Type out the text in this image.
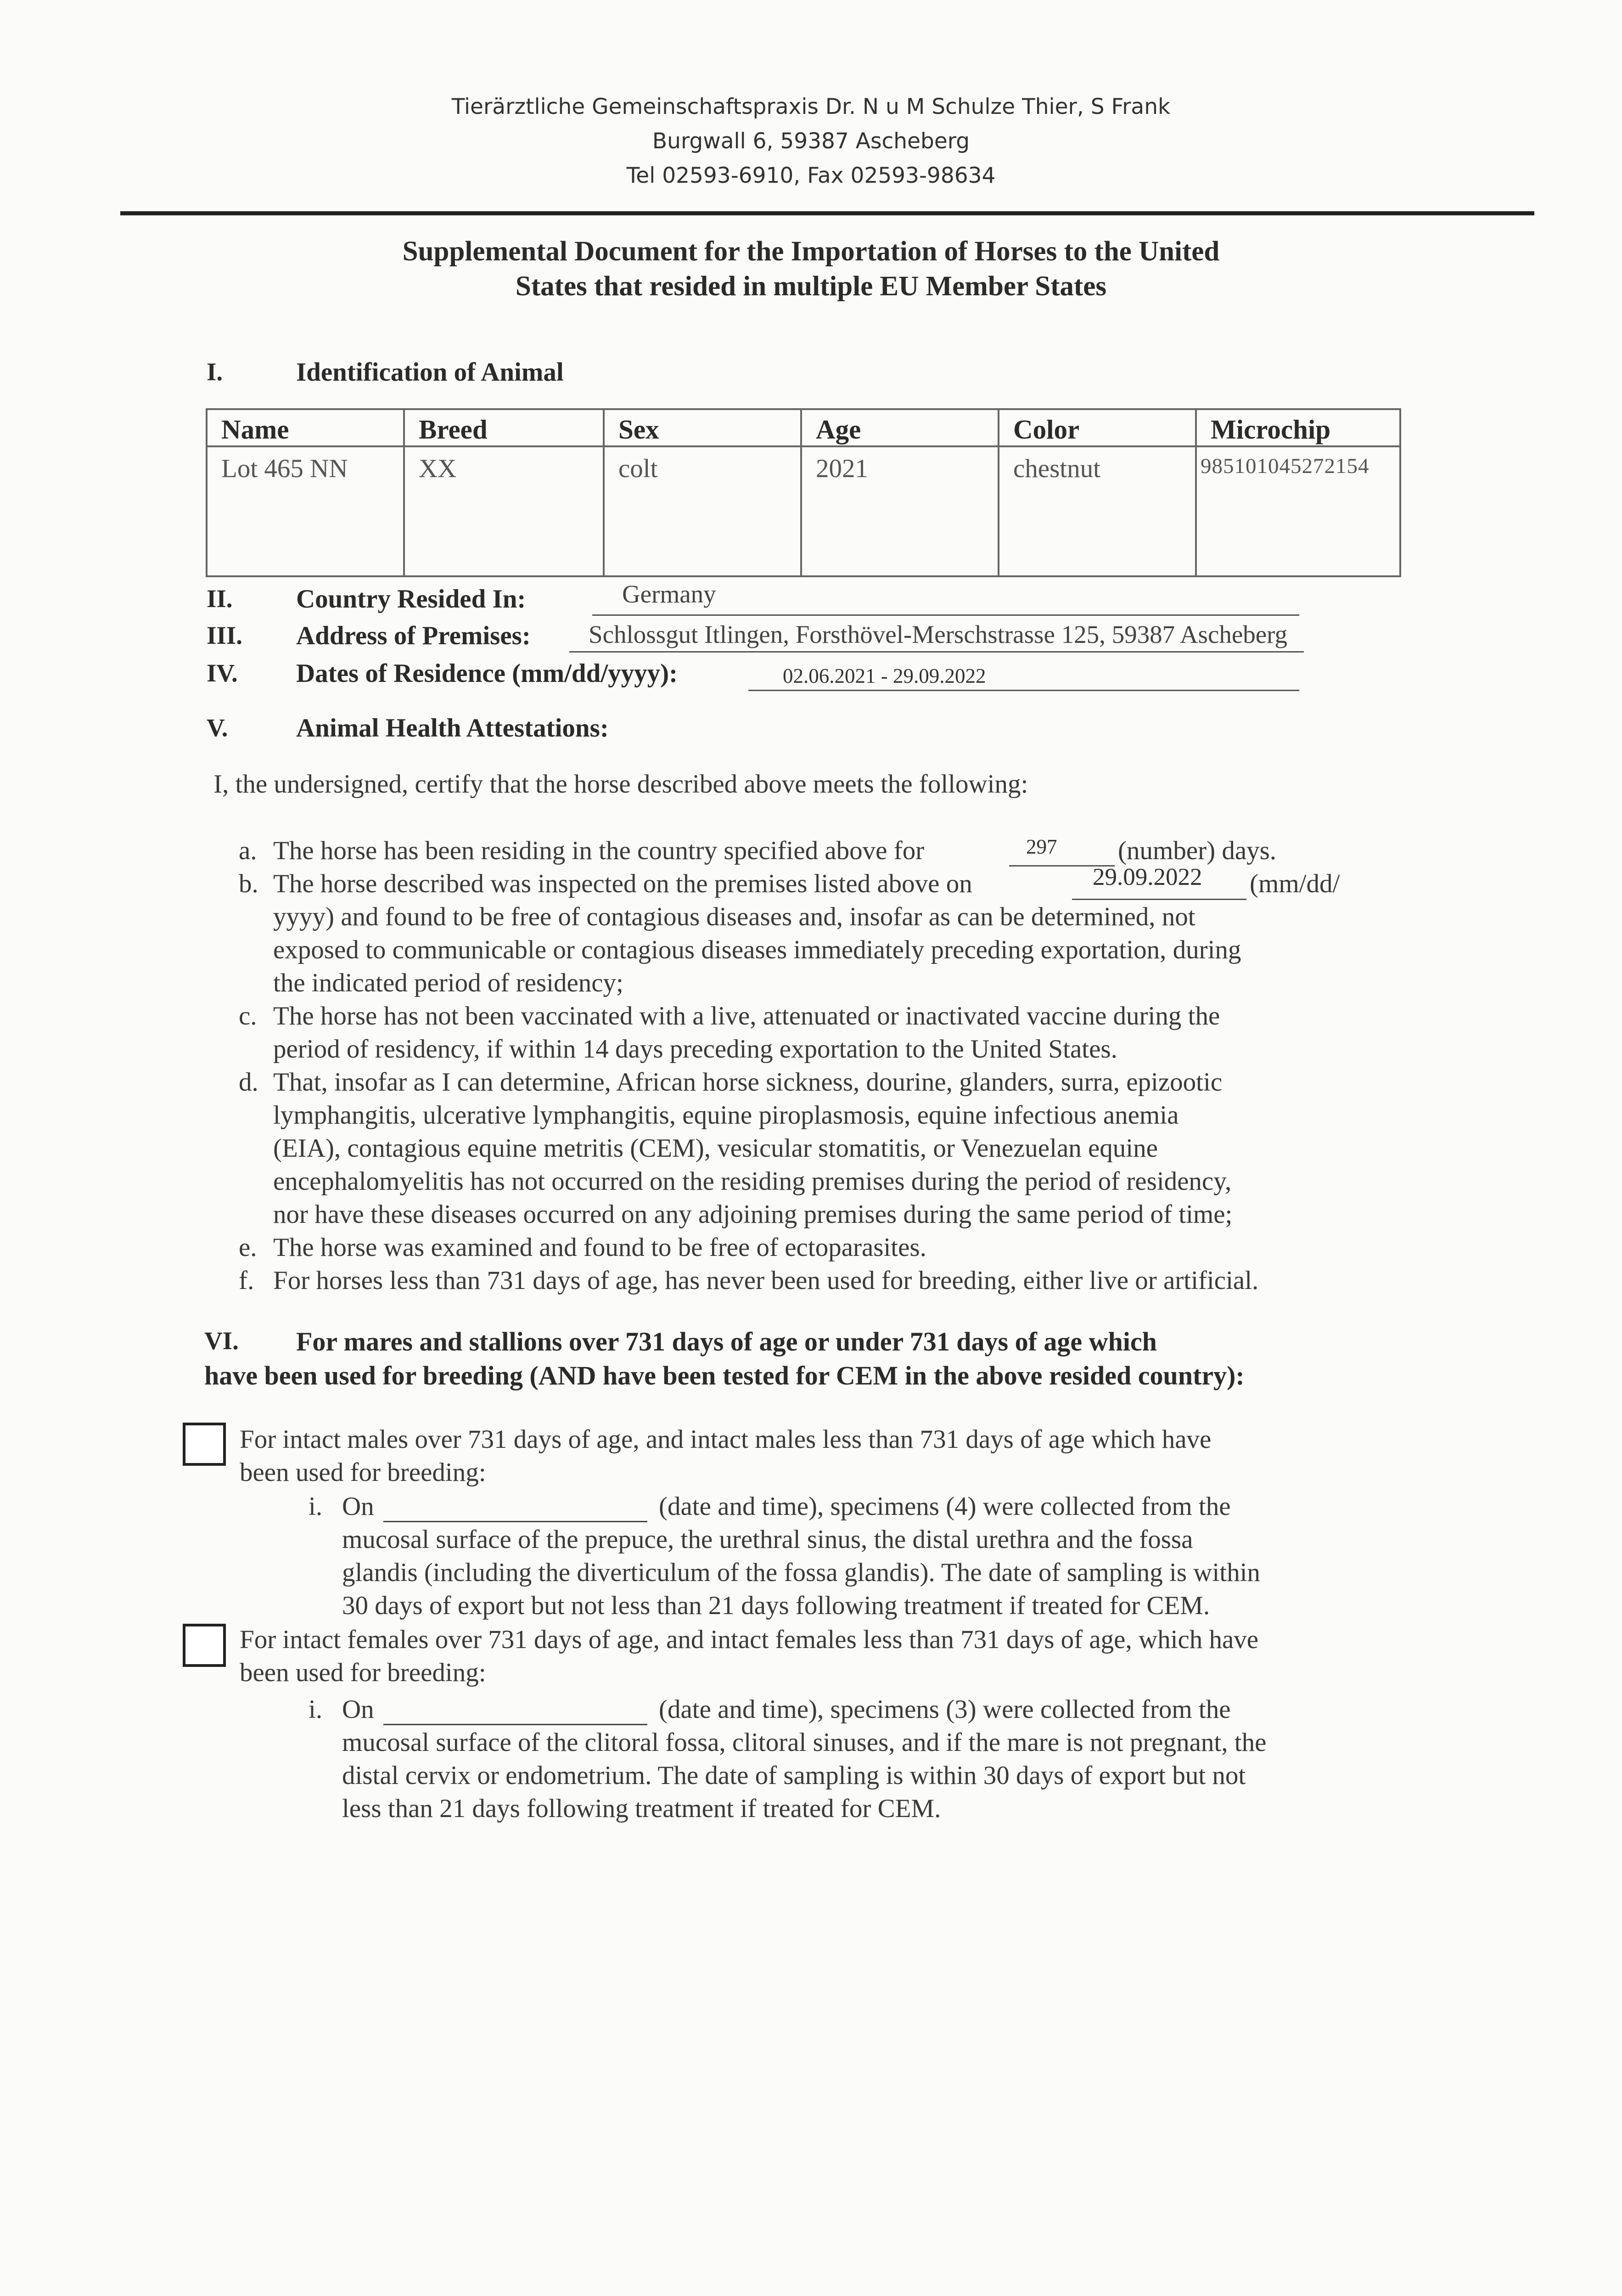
Tierärztliche Gemeinschaftspraxis Dr. N u M Schulze Thier, S Frank
Burgwall 6, 59387 Ascheberg
Tel 02593-6910, Fax 02593-98634
Supplemental Document for the Importation of Horses to the United
States that resided in multiple EU Member States
I.	Identification of Animal
Name	Breed	Sex	Age	Color	Microchip
Lot 465 NN	XX	colt	2021	chestnut	985101045272154
II. Country Resided In:	Germany
III. Address of Premises: Schlossgut Itlingen, Forsthövel-Merschstrasse 125, 59387 Ascheberg
IV. Dates of Residence (mm/dd/yyyy):	02.06.2021 - 29.09.2022
V.	Animal Health Attestations:
I, the undersigned, certify that the horse described above meets the following:
a. The horse has been residing in the country specified above for	297 (number) days.
b. The horse described was inspected on the premises listed above on	29.09.2022 (mm/dd/
yyyy) and found to be free of contagious diseases and, insofar as can be determined, not
exposed to communicable or contagious diseases immediately preceding exportation, during
the indicated period of residency;
c. The horse has not been vaccinated with a live, attenuated or inactivated vaccine during the
period of residency, if within 14 days preceding exportation to the United States.
d. That, insofar as I can determine, African horse sickness, dourine, glanders, surra, epizootic
lymphangitis, ulcerative lymphangitis, equine piroplasmosis, equine infectious anemia
(EIA), contagious equine metritis (CEM), vesicular stomatitis, or Venezuelan equine
encephalomyelitis has not occurred on the residing premises during the period of residency,
nor have these diseases occurred on any adjoining premises during the same period of time;
e. The horse was examined and found to be free of ectoparasites.
f. For horses less than 731 days of age, has never been used for breeding, either live or artificial.
VI. For mares and stallions over 731 days of age or under 731 days of age which
have been used for breeding (AND have been tested for CEM in the above resided country):
For intact males over 731 days of age, and intact males less than 731 days of age which have
been used for breeding:
i. On	(date and time), specimens (4) were collected from the
mucosal surface of the prepuce, the urethral sinus, the distal urethra and the fossa
glandis (including the diverticulum of the fossa glandis). The date of sampling is within
30 days of export but not less than 21 days following treatment if treated for CEM.
For intact females over 731 days of age, and intact females less than 731 days of age, which have
been used for breeding:
i. On	(date and time), specimens (3) were collected from the
mucosal surface of the clitoral fossa, clitoral sinuses, and if the mare is not pregnant, the
distal cervix or endometrium. The date of sampling is within 30 days of export but not
less than 21 days following treatment if treated for CEM.
